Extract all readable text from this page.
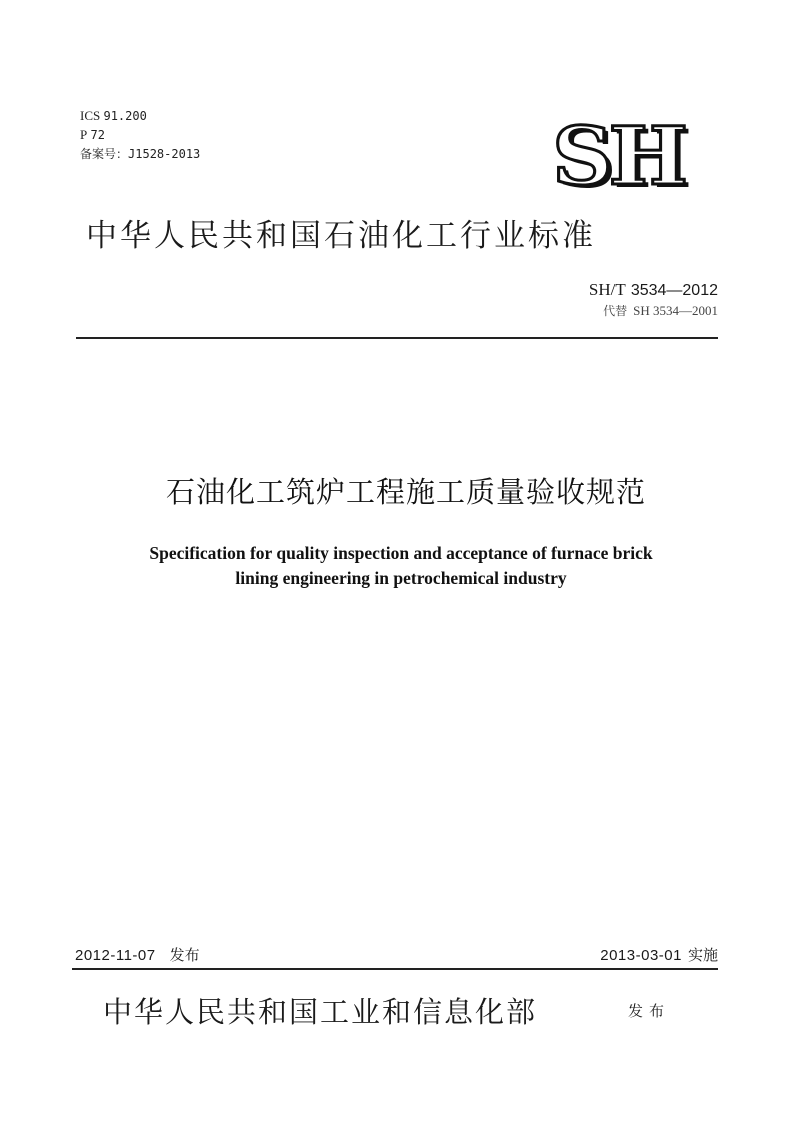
ICS 91.200
P 72
备案号：J1528-2013	SH
中华人民共和国石油化工行业标准
SH/T 3534—2012
代替 SH 3534—2001
石油化工筑炉工程施工质量验收规范
Specification for quality inspection and acceptance of furnace brick
lining engineering in petrochemical industry
2012-11-07 发布	2013-03-01 实施
中华人民共和国工业和信息化部	发布
